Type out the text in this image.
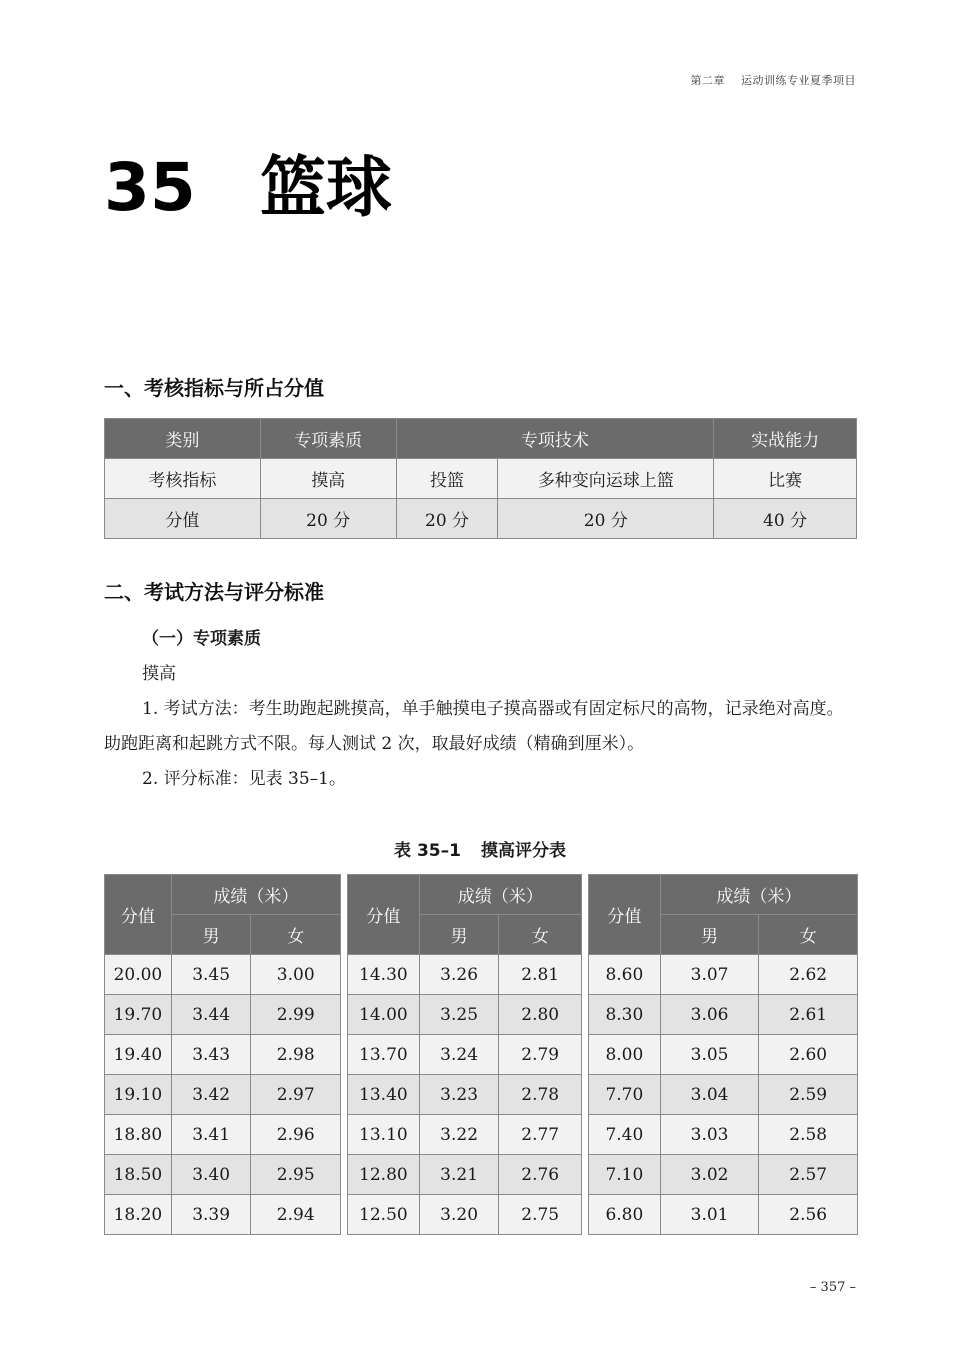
第二章 运动训练专业夏季项目
35 篮球
一、考核指标与所占分值
类别	专项素质	专项技术		实战能力
考核指标	摸高	投篮	多种变向运球上篮	比赛
分值	20 分	20 分	20 分	40 分
二、考试方法与评分标准
（一）专项素质
摸高
1. 考试方法：考生助跑起跳摸高，单手触摸电子摸高器或有固定标尺的高物，记录绝对高度。助跑距离和起跳方式不限。每人测试 2 次，取最好成绩（精确到厘米）。
2. 评分标准：见表 35–1。
表 35–1 摸高评分表
分值	成绩（米）	
	男	女
20.00	3.45	3.00
19.70	3.44	2.99
19.40	3.43	2.98
19.10	3.42	2.97
18.80	3.41	2.96
18.50	3.40	2.95
18.20	3.39	2.94
分值	成绩（米）	
	男	女
14.30	3.26	2.81
14.00	3.25	2.80
13.70	3.24	2.79
13.40	3.23	2.78
13.10	3.22	2.77
12.80	3.21	2.76
12.50	3.20	2.75
分值	成绩（米）	
	男	女
8.60	3.07	2.62
8.30	3.06	2.61
8.00	3.05	2.60
7.70	3.04	2.59
7.40	3.03	2.58
7.10	3.02	2.57
6.80	3.01	2.56
– 357 –
